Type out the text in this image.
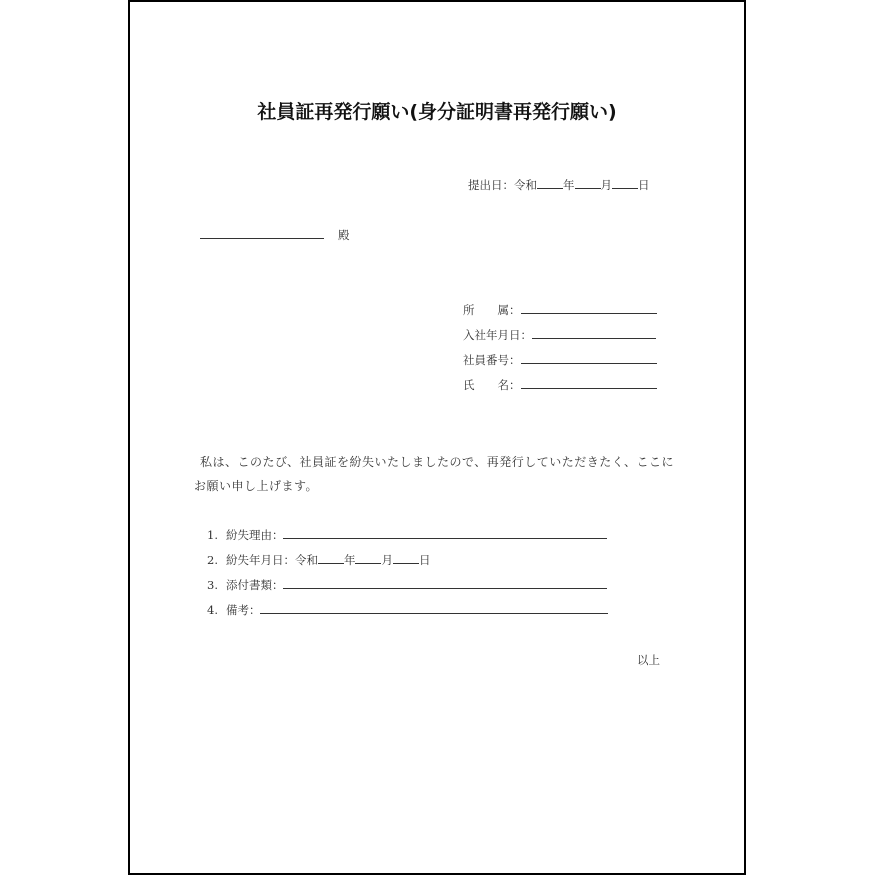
社員証再発行願い(身分証明書再発行願い)
提出日：令和 年 月 日
殿
所　　属：
入社年月日：
社員番号：
氏　　名：
私は、このたび、社員証を紛失いたしましたので、再発行していただきたく、ここに
お願い申し上げます。
1. 紛失理由：
2. 紛失年月日：令和 年 月 日
3. 添付書類：
4. 備考：
以上
